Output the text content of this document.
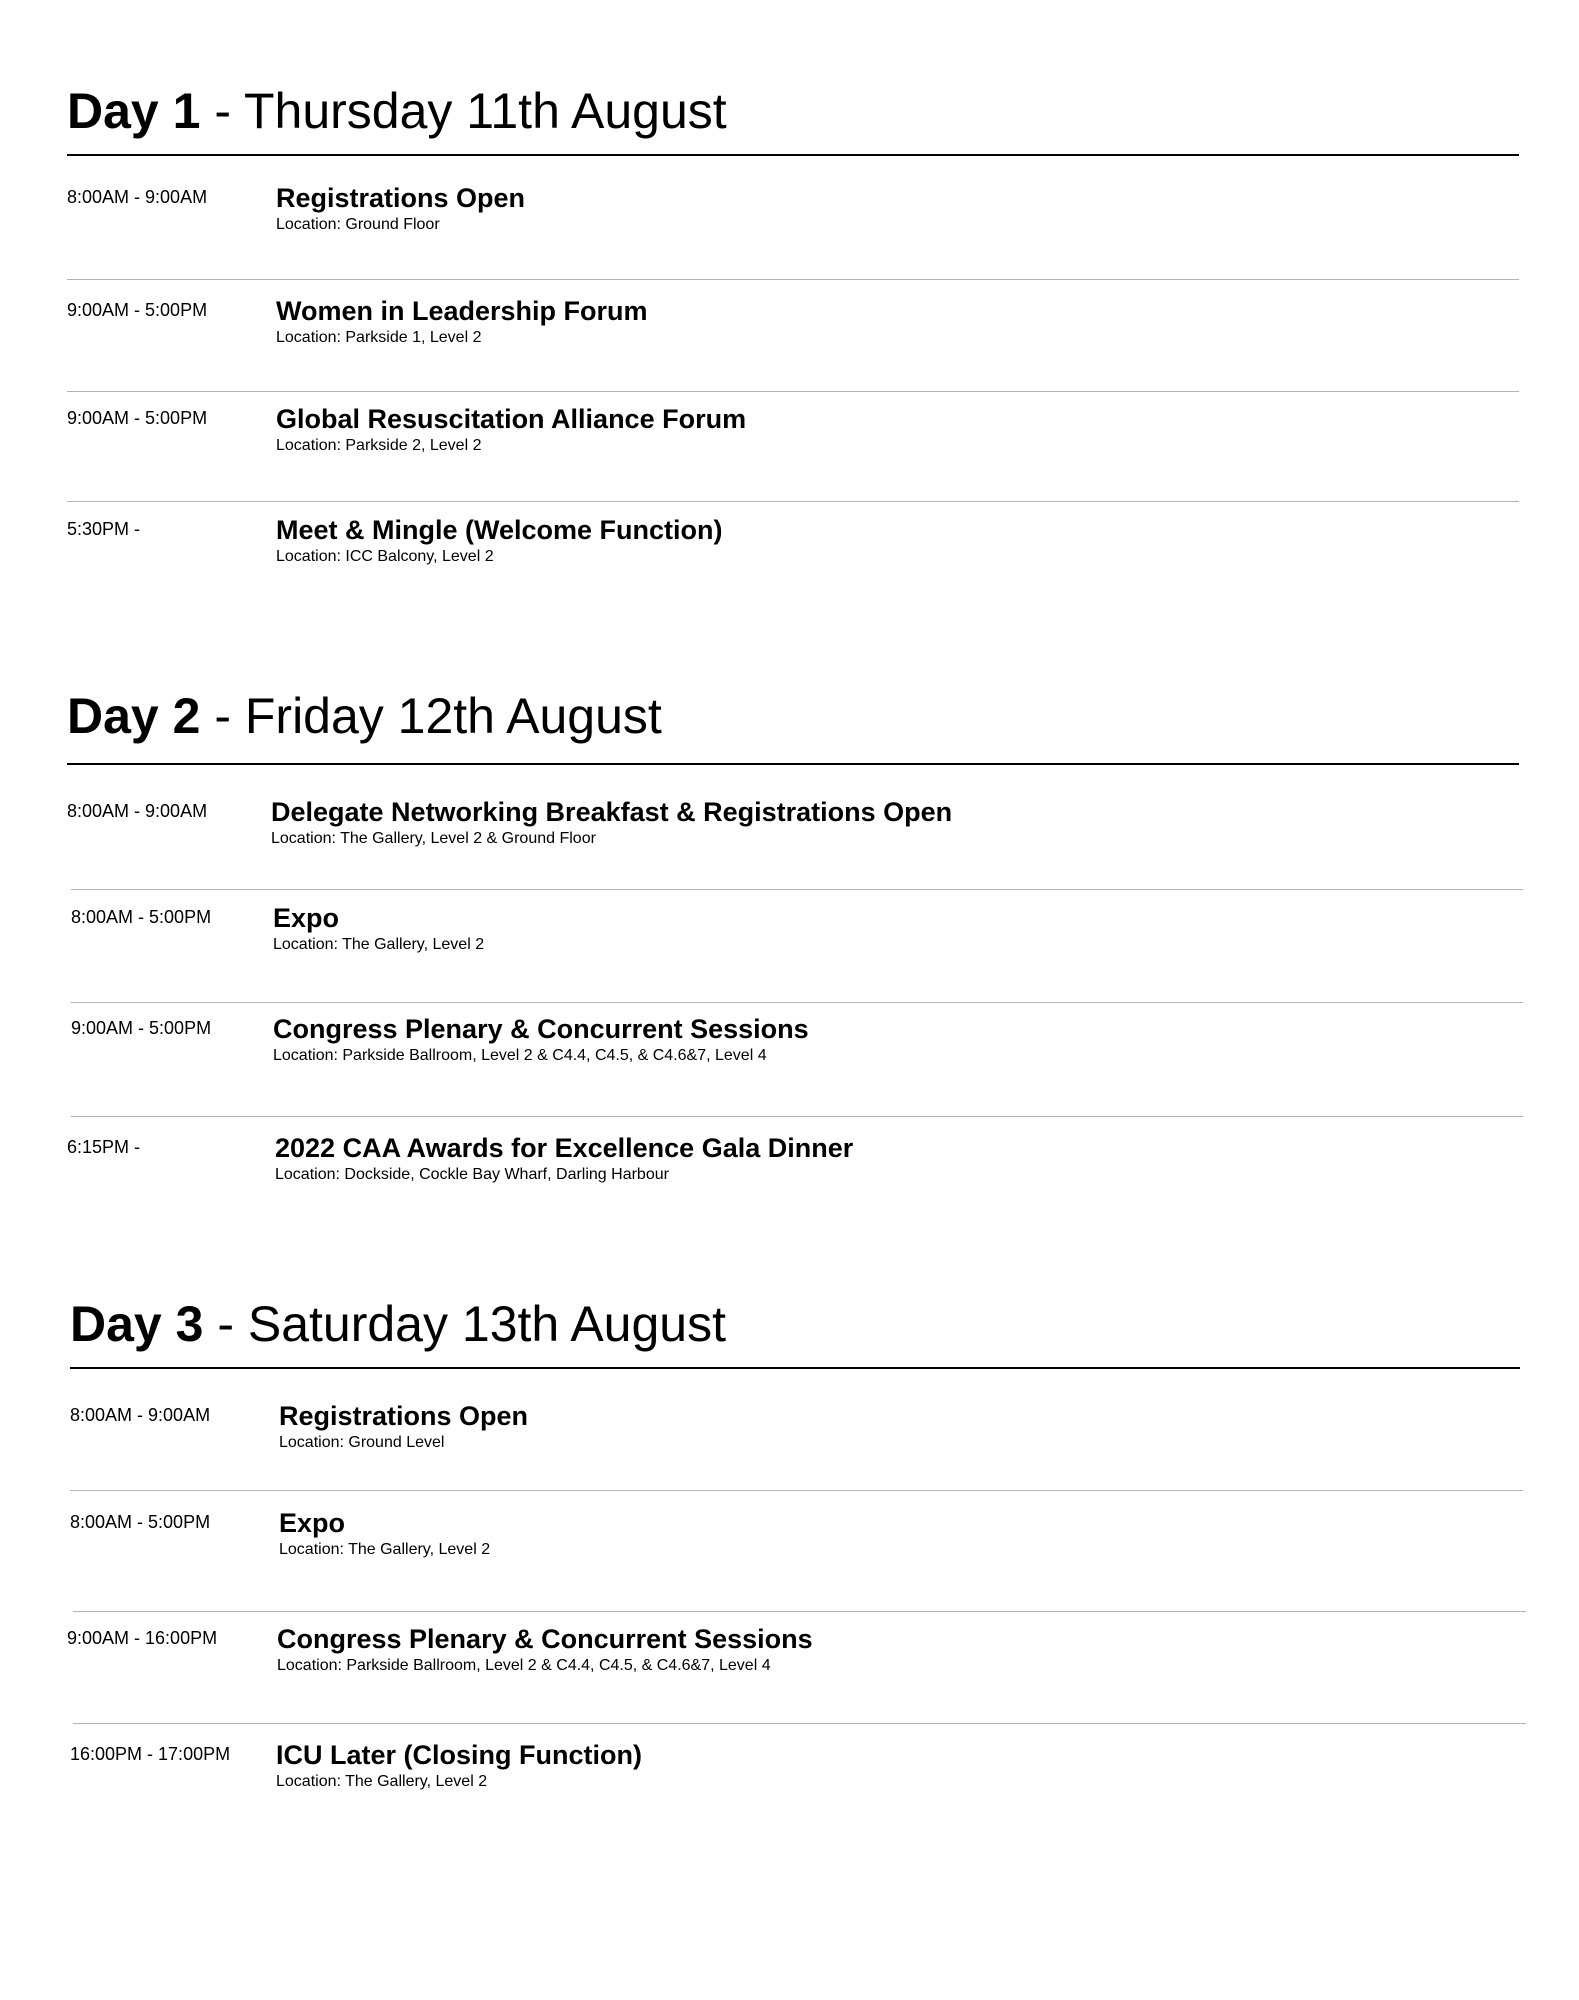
Day 1 - Thursday 11th August
8:00AM - 9:00AM	Registrations Open
Location: Ground Floor
9:00AM - 5:00PM	Women in Leadership Forum
Location: Parkside 1, Level 2
9:00AM - 5:00PM	Global Resuscitation Alliance Forum
Location: Parkside 2, Level 2
5:30PM -	Meet & Mingle (Welcome Function)
Location: ICC Balcony, Level 2
Day 2 - Friday 12th August
8:00AM - 9:00AM Delegate Networking Breakfast & Registrations Open
Location: The Gallery, Level 2 & Ground Floor
8:00AM - 5:00PM Expo
Location: The Gallery, Level 2
9:00AM - 5:00PM Congress Plenary & Concurrent Sessions
Location: Parkside Ballroom, Level 2 & C4.4, C4.5, & C4.6&7, Level 4
6:15PM -	2022 CAA Awards for Excellence Gala Dinner
Location: Dockside, Cockle Bay Wharf, Darling Harbour
Day 3 - Saturday 13th August
8:00AM - 9:00AM	Registrations Open
Location: Ground Level
8:00AM - 5:00PM	Expo
Location: The Gallery, Level 2
9:00AM - 16:00PM Congress Plenary & Concurrent Sessions
Location: Parkside Ballroom, Level 2 & C4.4, C4.5, & C4.6&7, Level 4
16:00PM - 17:00PM ICU Later (Closing Function)
Location: The Gallery, Level 2
